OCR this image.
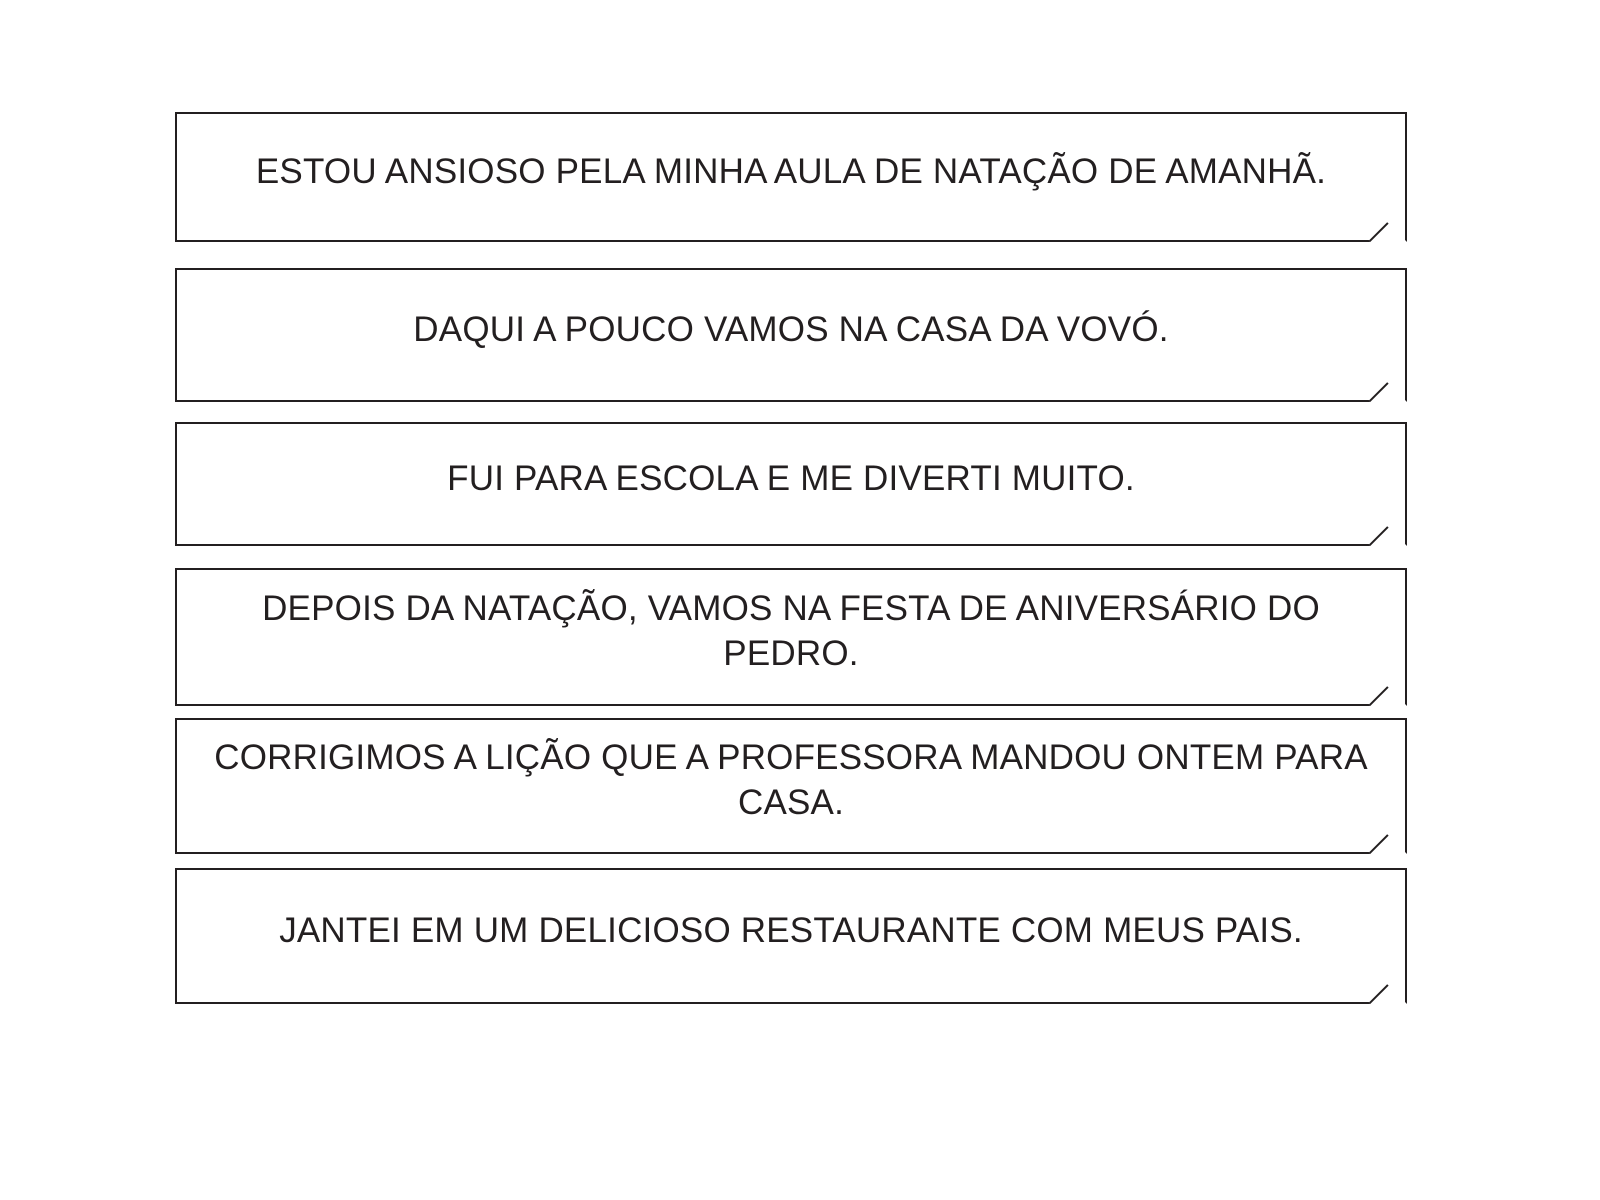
ESTOU ANSIOSO PELA MINHA AULA DE NATAÇÃO DE AMANHÃ.
DAQUI A POUCO VAMOS NA CASA DA VOVÓ.
FUI PARA ESCOLA E ME DIVERTI MUITO.
DEPOIS DA NATAÇÃO, VAMOS NA FESTA DE ANIVERSÁRIO DO PEDRO.
CORRIGIMOS A LIÇÃO QUE A PROFESSORA MANDOU ONTEM PARA CASA.
JANTEI EM UM DELICIOSO RESTAURANTE COM MEUS PAIS.
